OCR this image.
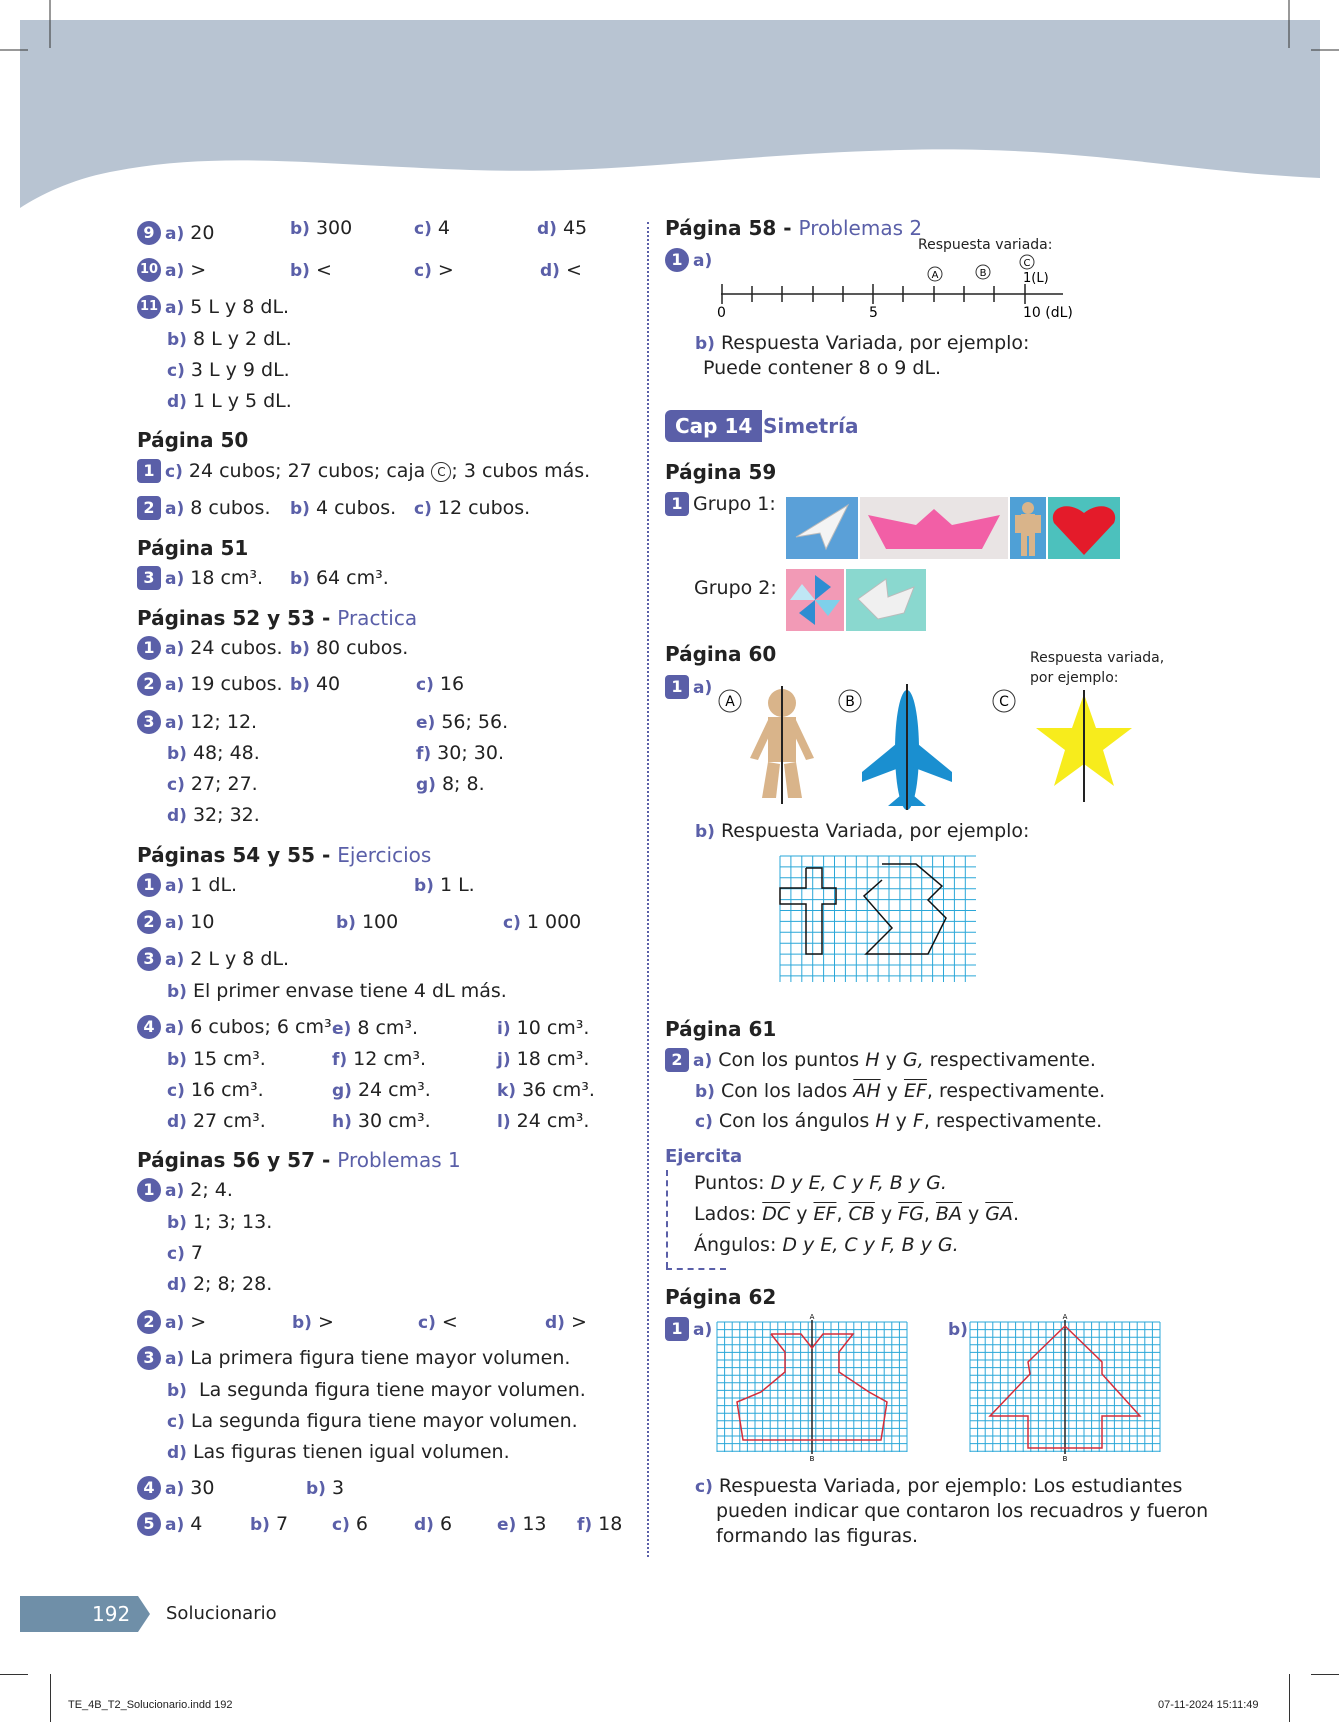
9 a) 20	b) 300	c) 4	d) 45
10 a) >	b) <	c) >	d) <
11 a) 5 L y 8 dL.
b) 8 L y 2 dL.
c) 3 L y 9 dL.
d) 1 L y 5 dL.
Página 50
1 c) 24 cubos; 27 cubos; caja C ; 3 cubos más.
2 a) 8 cubos. b) 4 cubos. c) 12 cubos.
Página 51
3 a) 18 cm³. b) 64 cm³.
Páginas 52 y 53 - Practica
1 a) 24 cubos. b) 80 cubos.
2 a) 19 cubos. b) 40	c) 16
3 a) 12; 12.
b) 48; 48.
c) 27; 27.
d) 32; 32.
e) 56; 56.
f) 30; 30.
g) 8; 8.
Páginas 54 y 55 - Ejercicios
1 a) 1 dL.	b) 1 L.
2 a) 10	b) 100	c) 1 000
3 a) 2 L y 8 dL.
b) El primer envase tiene 4 dL más.
4 a) 6 cubos; 6 cm³.
b) 15 cm³.
c) 16 cm³.
d) 27 cm³.
e) 8 cm³.
f) 12 cm³.
g) 24 cm³.
h) 30 cm³.
i) 10 cm³.
j) 18 cm³.
k) 36 cm³.
l) 24 cm³.
Páginas 56 y 57 - Problemas 1
1 a) 2; 4.
b) 1; 3; 13.
c) 7
d) 2; 8; 28.
2 a) >	b) >	c) <	d) >
3 a) La primera figura tiene mayor volumen.
b) La segunda figura tiene mayor volumen.
c) La segunda figura tiene mayor volumen.
d) Las figuras tienen igual volumen.
4 a) 30	b) 3
5 a) 4	b) 7	c) 6	d) 6	e) 13 f) 18
Página 58 - Problemas 2
1 a)
Respuesta variada:
A	B
C
1(L)
0	5	10 (dL)
b) Respuesta Variada, por ejemplo:
Puede contener 8 o 9 dL.
Cap 14 Simetría
Página 59
1 Grupo 1:
Grupo 2:
Página 60	Respuesta variada,
por ejemplo:
1 a)
A	B	C
b) Respuesta Variada, por ejemplo:
Página 61
2 a) Con los puntos H y G, respectivamente.
b) Con los lados $\overline{AH}$ y $\overline{EF}$, respectivamente.
c) Con los ángulos H y F, respectivamente.
Ejercita
Puntos: D y E, C y F, B y G.
Lados: $\overline{DC}$ y $\overline{EF}$, $\overline{CB}$ y $\overline{FG}$, $\overline{BA}$ y $\overline{GA}$.
Ángulos: D y E, C y F, B y G.
Página 62
1 a)
A
B
b)
A
B
c) Respuesta Variada, por ejemplo: Los estudiantes
pueden indicar que contaron los recuadros y fueron
formando las figuras.
192 Solucionario
TE_4B_T2_Solucionario.indd 192	07-11-2024 15:11:49
